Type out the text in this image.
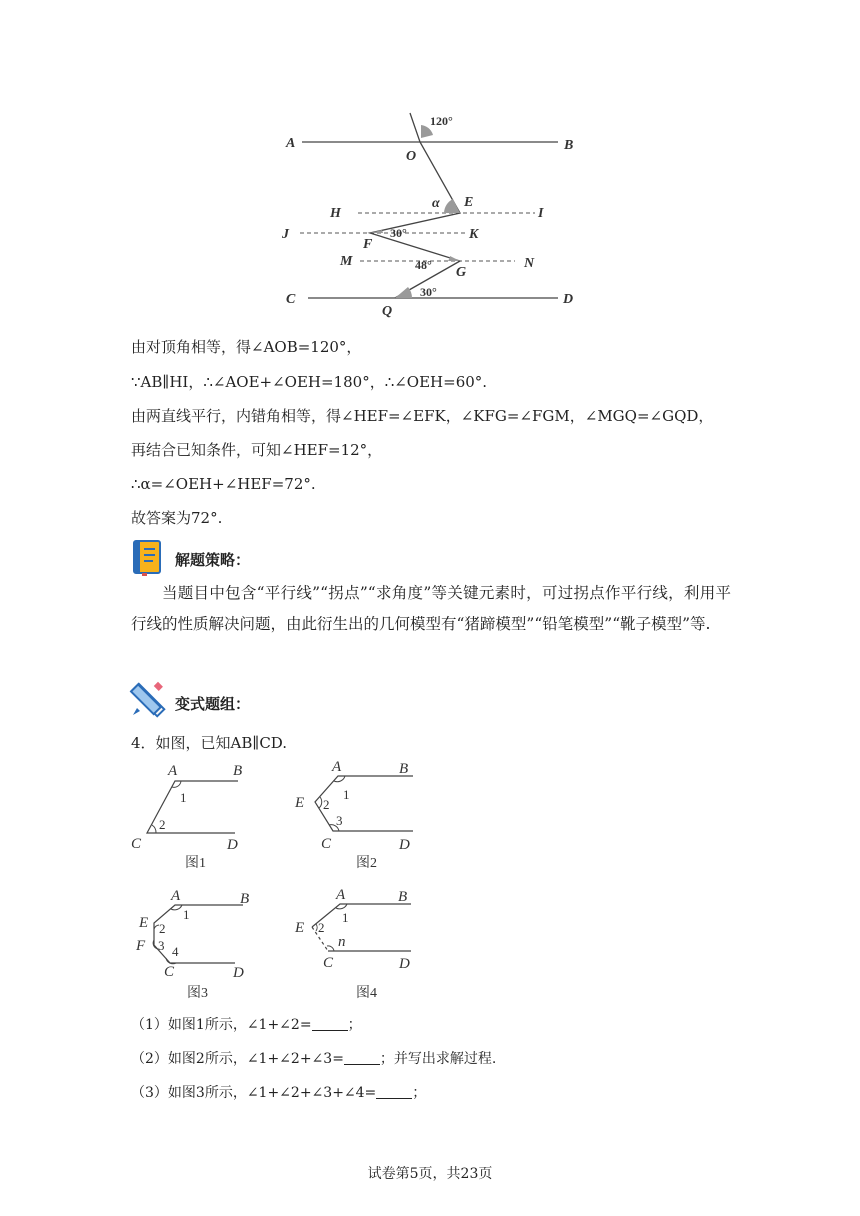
A	B
O
120°
α E
H	I
J
F
30°	K
M	48° G
N
C	30°	D
Q
由对顶角相等，得∠AOB=120°，
∵AB∥HI，∴∠AOE+∠OEH=180°，∴∠OEH=60°.
由两直线平行，内错角相等，得∠HEF=∠EFK，∠KFG=∠FGM，∠MGQ=∠GQD，
再结合已知条件，可知∠HEF=12°，
∴α=∠OEH+∠HEF=72°.
故答案为72°.
解题策略：
当题目中包含“平行线”“拐点”“求角度”等关键元素时，可过拐点作平行线，利用平行线的性质解决问题，由此衍生出的几何模型有“猪蹄模型”“铅笔模型”“靴子模型”等.
变式题组：
4．如图，已知AB∥CD.
A	B
1
2
C	D
图1
A	B
E
1
2
3
C	D
图2
A	B
E
1
2
F 3 4
C	D
图3
A	B
E
1
2
n
C	D
图4
（1）如图1所示，∠1+∠2=	；
（2）如图2所示，∠1+∠2+∠3=	；并写出求解过程.
（3）如图3所示，∠1+∠2+∠3+∠4=	；
试卷第5页，共23页
